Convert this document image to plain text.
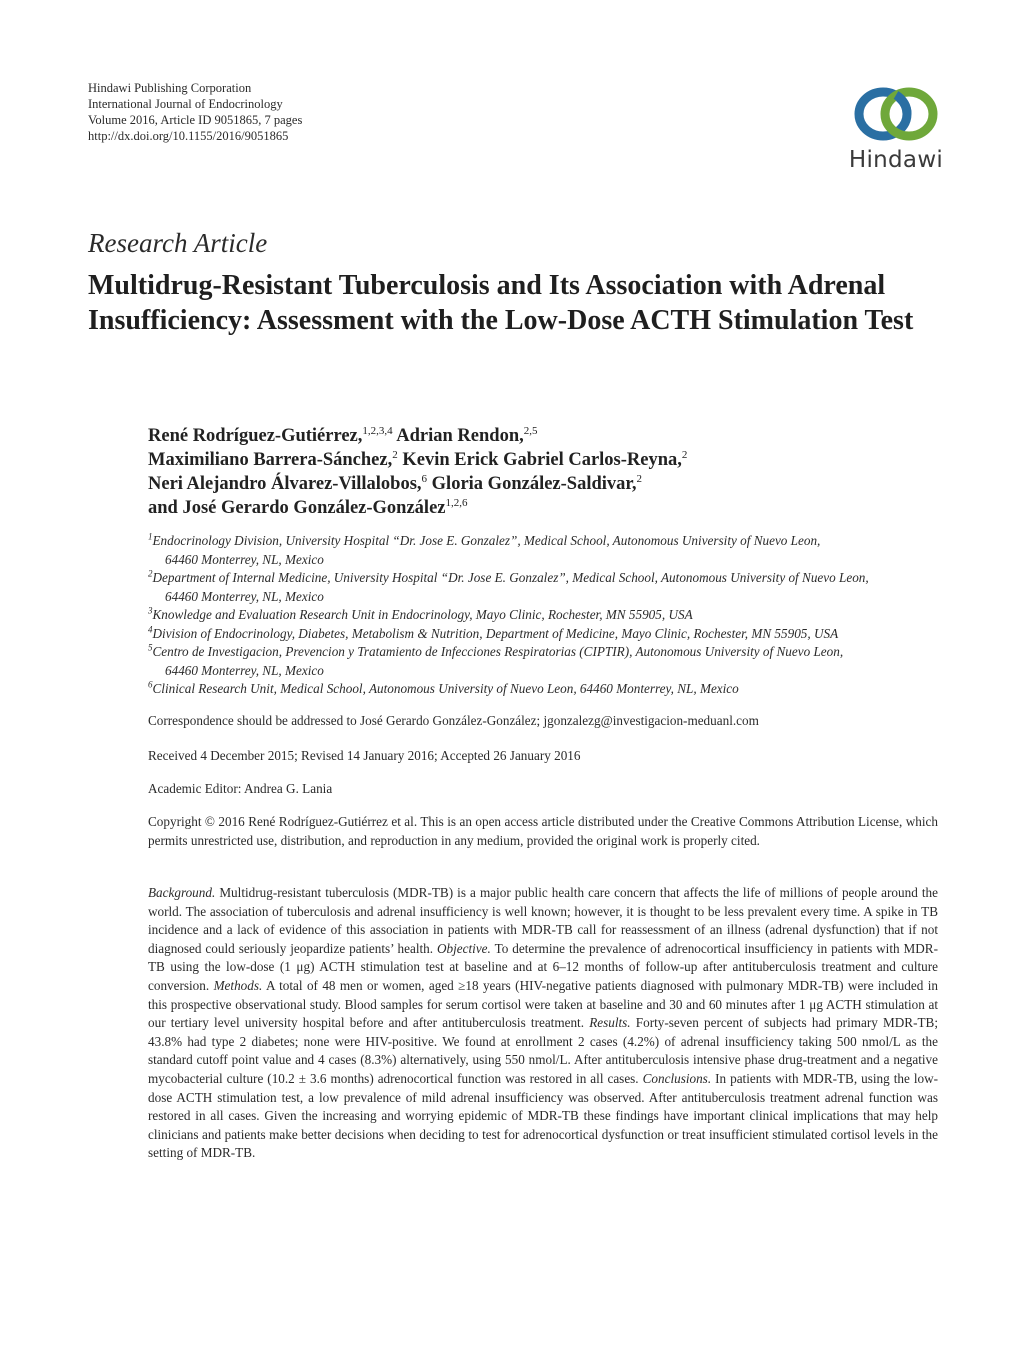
Hindawi Publishing Corporation
International Journal of Endocrinology
Volume 2016, Article ID 9051865, 7 pages
http://dx.doi.org/10.1155/2016/9051865
Hindawi
Research Article
Multidrug-Resistant Tuberculosis and Its Association with Adrenal Insufficiency: Assessment with the Low-Dose ACTH Stimulation Test
René Rodríguez-Gutiérrez,$^{1,2,3,4}$ Adrian Rendon,$^{2,5}$
Maximiliano Barrera-Sánchez,$^2$ Kevin Erick Gabriel Carlos-Reyna,$^2$
Neri Alejandro Álvarez-Villalobos,$^6$ Gloria González-Saldivar,$^2$
and José Gerardo González-González$^{1,2,6}$
$^1$Endocrinology Division, University Hospital “Dr. Jose E. Gonzalez”, Medical School, Autonomous University of Nuevo Leon,
64460 Monterrey, NL, Mexico
$^2$Department of Internal Medicine, University Hospital “Dr. Jose E. Gonzalez”, Medical School, Autonomous University of Nuevo Leon,
64460 Monterrey, NL, Mexico
$^3$Knowledge and Evaluation Research Unit in Endocrinology, Mayo Clinic, Rochester, MN 55905, USA
$^4$Division of Endocrinology, Diabetes, Metabolism & Nutrition, Department of Medicine, Mayo Clinic, Rochester, MN 55905, USA
$^5$Centro de Investigacion, Prevencion y Tratamiento de Infecciones Respiratorias (CIPTIR), Autonomous University of Nuevo Leon,
64460 Monterrey, NL, Mexico
$^6$Clinical Research Unit, Medical School, Autonomous University of Nuevo Leon, 64460 Monterrey, NL, Mexico
Correspondence should be addressed to José Gerardo González-González; jgonzalezg@investigacion-meduanl.com
Received 4 December 2015; Revised 14 January 2016; Accepted 26 January 2016
Academic Editor: Andrea G. Lania
Copyright © 2016 René Rodríguez-Gutiérrez et al. This is an open access article distributed under the Creative Commons Attribution License, which permits unrestricted use, distribution, and reproduction in any medium, provided the original work is properly cited.
Background. Multidrug-resistant tuberculosis (MDR-TB) is a major public health care concern that affects the life of millions of people around the world. The association of tuberculosis and adrenal insufficiency is well known; however, it is thought to be less prevalent every time. A spike in TB incidence and a lack of evidence of this association in patients with MDR-TB call for reassessment of an illness (adrenal dysfunction) that if not diagnosed could seriously jeopardize patients’ health. Objective. To determine the prevalence of adrenocortical insufficiency in patients with MDR-TB using the low-dose (1 μg) ACTH stimulation test at baseline and at 6–12 months of follow-up after antituberculosis treatment and culture conversion. Methods. A total of 48 men or women, aged ≥18 years (HIV-negative patients diagnosed with pulmonary MDR-TB) were included in this prospective observational study. Blood samples for serum cortisol were taken at baseline and 30 and 60 minutes after 1 μg ACTH stimulation at our tertiary level university hospital before and after antituberculosis treatment. Results. Forty-seven percent of subjects had primary MDR-TB; 43.8% had type 2 diabetes; none were HIV-positive. We found at enrollment 2 cases (4.2%) of adrenal insufficiency taking 500 nmol/L as the standard cutoff point value and 4 cases (8.3%) alternatively, using 550 nmol/L. After antituberculosis intensive phase drug-treatment and a negative mycobacterial culture (10.2 ± 3.6 months) adrenocortical function was restored in all cases. Conclusions. In patients with MDR-TB, using the low-dose ACTH stimulation test, a low prevalence of mild adrenal insufficiency was observed. After antituberculosis treatment adrenal function was restored in all cases. Given the increasing and worrying epidemic of MDR-TB these findings have important clinical implications that may help clinicians and patients make better decisions when deciding to test for adrenocortical dysfunction or treat insufficient stimulated cortisol levels in the setting of MDR-TB.
